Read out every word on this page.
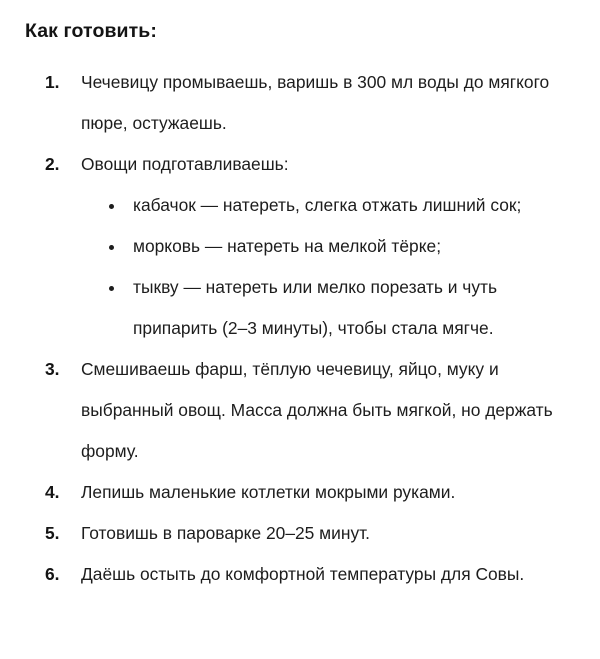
Как готовить:
1.	Чечевицу промываешь, варишь в 300 мл воды до мягкого пюре, остужаешь.
2.	Овощи подготавливаешь:
кабачок — натереть, слегка отжать лишний сок;
морковь — натереть на мелкой тёрке;
тыкву — натереть или мелко порезать и чуть припарить (2–3 минуты), чтобы стала мягче.
3.	Смешиваешь фарш, тёплую чечевицу, яйцо, муку и выбранный овощ. Масса должна быть мягкой, но держать форму.
4.	Лепишь маленькие котлетки мокрыми руками.
5.	Готовишь в пароварке 20–25 минут.
6.	Даёшь остыть до комфортной температуры для Совы.
